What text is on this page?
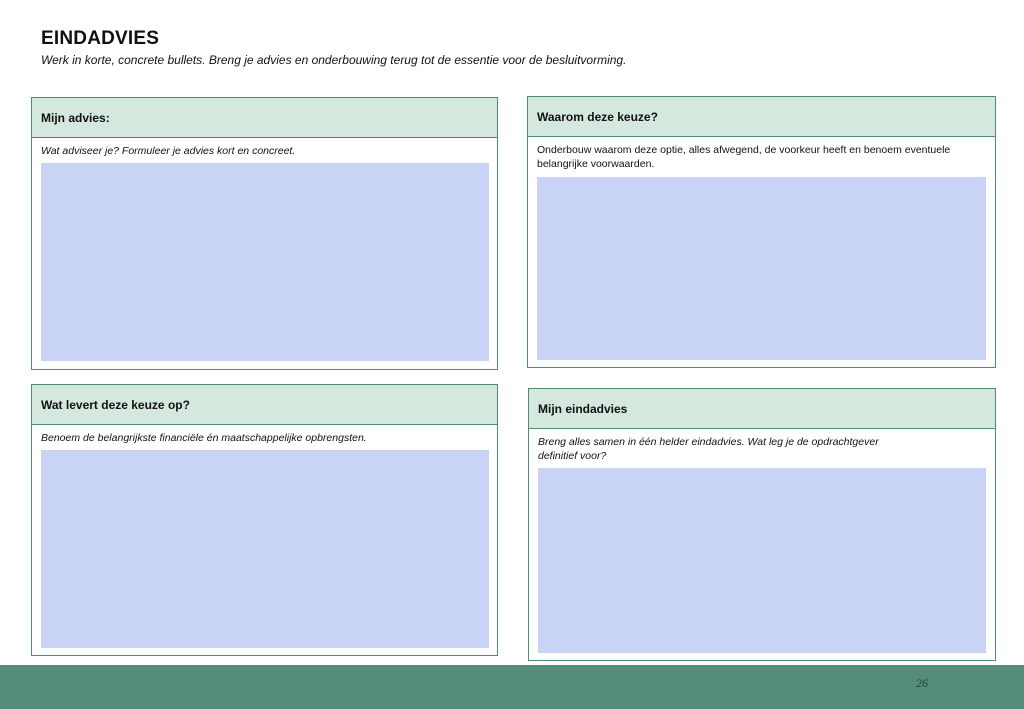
EINDADVIES
Werk in korte, concrete bullets. Breng je advies en onderbouwing terug tot de essentie voor de besluitvorming.
Mijn advies:
Wat adviseer je? Formuleer je advies kort en concreet.
Waarom deze keuze?
Onderbouw waarom deze optie, alles afwegend, de voorkeur heeft en benoem eventuele belangrijke voorwaarden.
Wat levert deze keuze op?
Benoem de belangrijkste financiële én maatschappelijke opbrengsten.
Mijn eindadvies
Breng alles samen in één helder eindadvies. Wat leg je de opdrachtgever
definitief voor?
26
